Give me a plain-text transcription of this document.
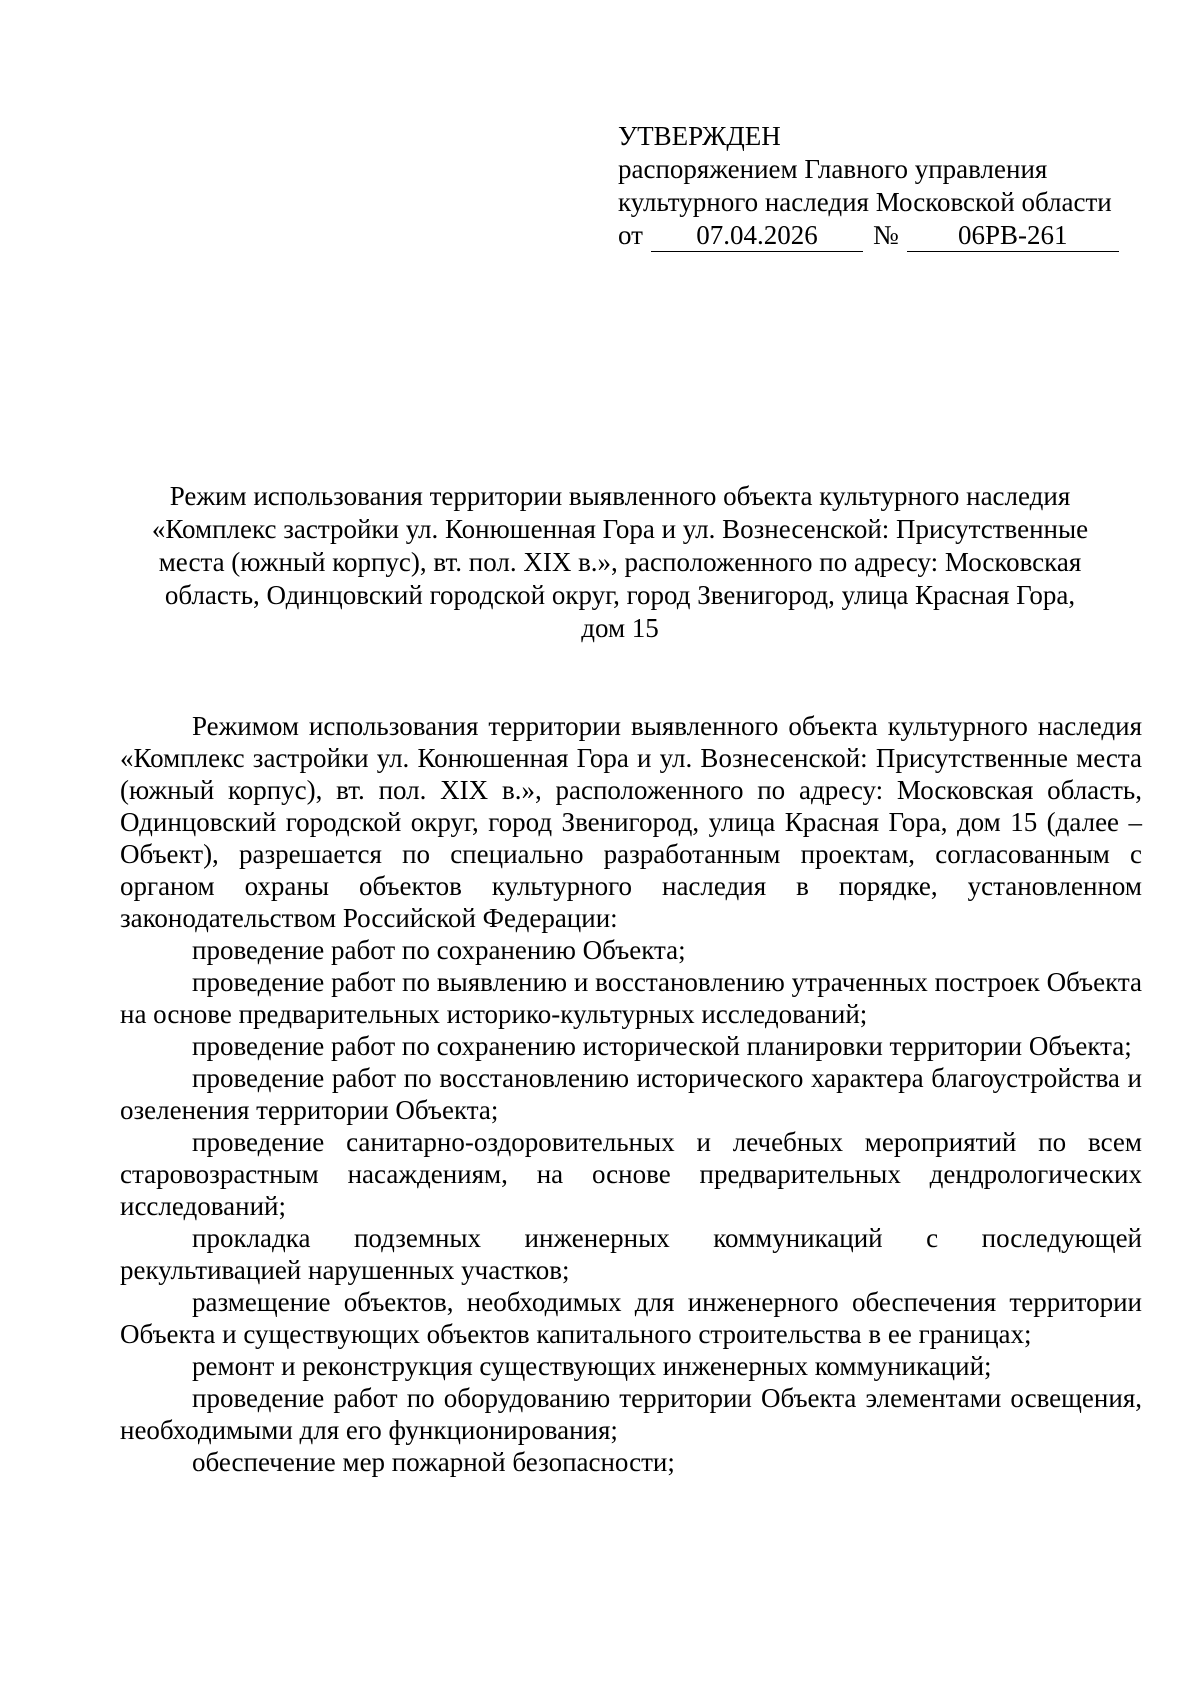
УТВЕРЖДЕН
распоряжением Главного управления
культурного наследия Московской области
от	07.04.2026	№	06РВ-261
Режим использования территории выявленного объекта культурного наследия
«Комплекс застройки ул. Конюшенная Гора и ул. Вознесенской: Присутственные
места (южный корпус), вт. пол. XIX в.», расположенного по адресу: Московская
область, Одинцовский городской округ, город Звенигород, улица Красная Гора,
дом 15

Режимом использования территории выявленного объекта культурного наследия «Комплекс застройки ул. Конюшенная Гора и ул. Вознесенской: Присутственные места (южный корпус), вт. пол. XIX в.», расположенного по адресу: Московская область, Одинцовский городской округ, город Звенигород, улица Красная Гора, дом 15 (далее – Объект), разрешается по специально разработанным проектам, согласованным с органом охраны объектов культурного наследия в порядке, установленном законодательством Российской Федерации:

проведение работ по сохранению Объекта;

проведение работ по выявлению и восстановлению утраченных построек Объекта на основе предварительных историко-культурных исследований;

проведение работ по сохранению исторической планировки территории Объекта;

проведение работ по восстановлению исторического характера благоустройства и озеленения территории Объекта;

проведение санитарно-оздоровительных и лечебных мероприятий по всем старовозрастным насаждениям, на основе предварительных дендрологических исследований;

прокладка подземных инженерных коммуникаций с последующей рекультивацией нарушенных участков;

размещение объектов, необходимых для инженерного обеспечения территории Объекта и существующих объектов капитального строительства в ее границах;

ремонт и реконструкция существующих инженерных коммуникаций;

проведение работ по оборудованию территории Объекта элементами освещения, необходимыми для его функционирования;

обеспечение мер пожарной безопасности;
